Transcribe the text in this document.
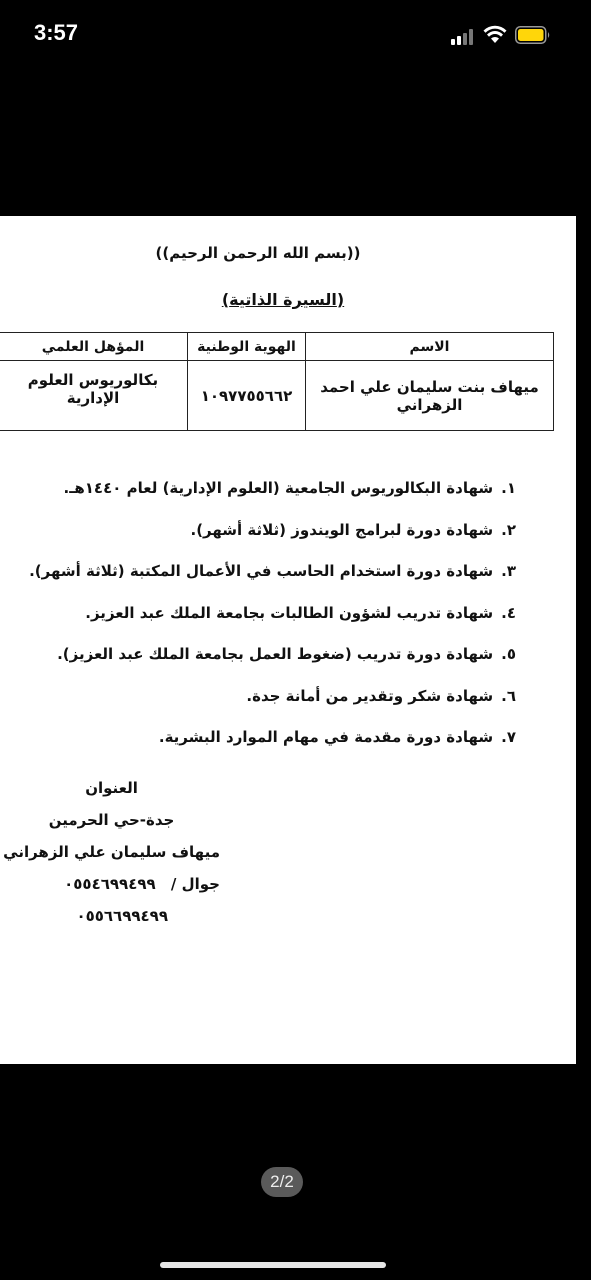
3:57
((بسم الله الرحمن الرحيم))
(السيرة الذاتية)
الاسم	الهوية الوطنية	المؤهل العلمي
ميهاف بنت سليمان علي احمد الزهراني	١٠٩٧٧٥٥٦٦٢	بكالوريوس العلوم الإدارية
١.شهادة البكالوريوس الجامعية (العلوم الإدارية) لعام ١٤٤٠هـ.
٢.شهادة دورة لبرامج الويندوز (ثلاثة أشهر).
٣.شهادة دورة استخدام الحاسب في الأعمال المكتبة (ثلاثة أشهر).
٤.شهادة تدريب لشؤون الطالبات بجامعة الملك عبد العزيز.
٥.شهادة دورة تدريب (ضغوط العمل بجامعة الملك عبد العزيز).
٦.شهادة شكر وتقدير من أمانة جدة.
٧.شهادة دورة مقدمة في مهام الموارد البشرية.
العنوان
جدة-حي الحرمين
ميهاف سليمان علي الزهراني
جوال / ٠٥٥٤٦٩٩٤٩٩
٠٥٥٦٦٩٩٤٩٩
2/2
